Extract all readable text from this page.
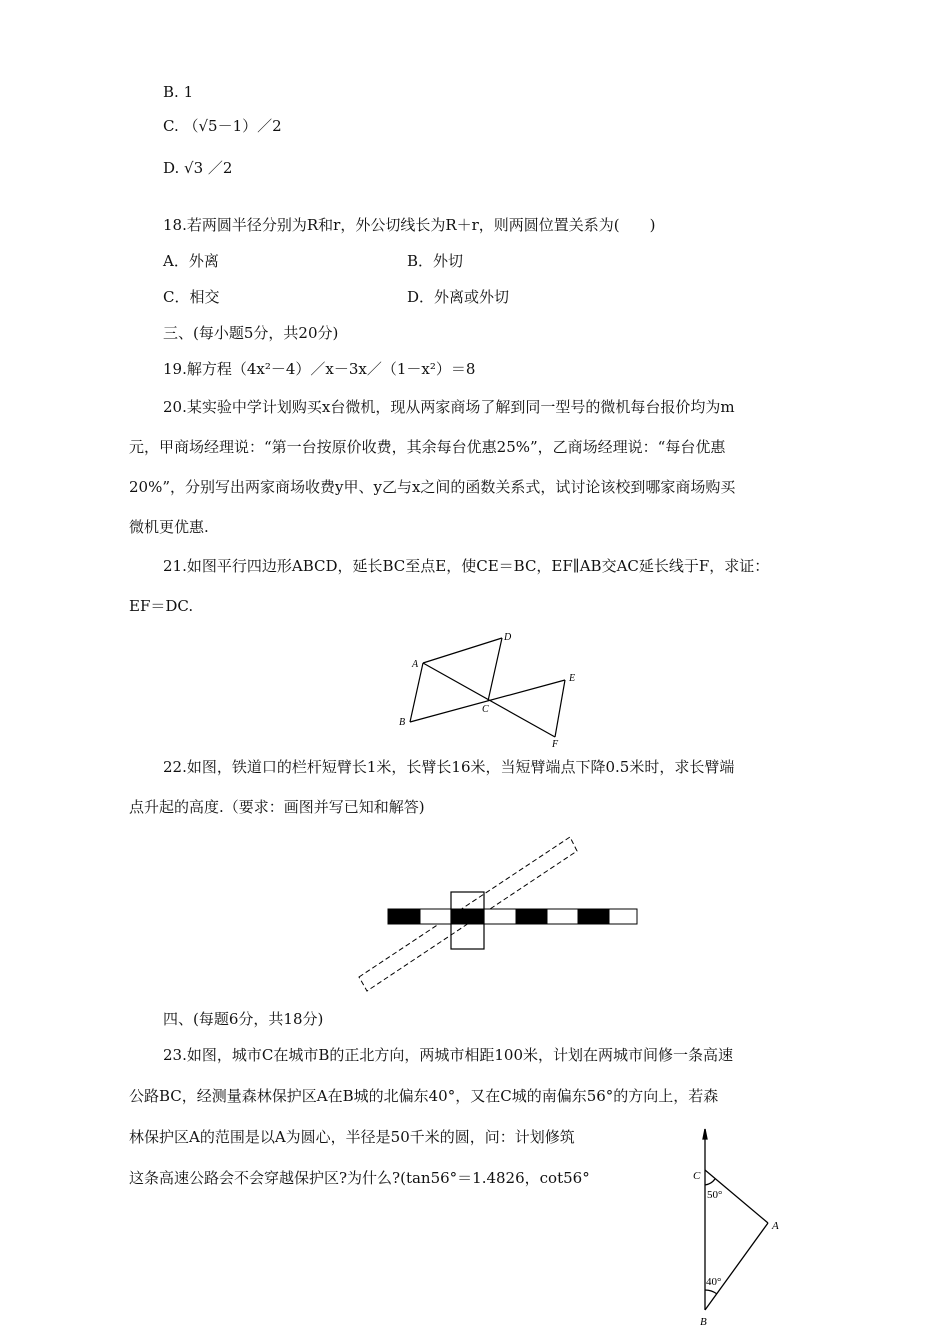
B. 1
C. （√5－1）／2
D. √3 ／2
18.若两圆半径分别为R和r，外公切线长为R＋r，则两圆位置关系为(　　)
A．外离	B．外切
C．相交	D．外离或外切
三、(每小题5分，共20分)
19.解方程（4x²－4）／x－3x／（1－x²）＝8
20.某实验中学计划购买x台微机，现从两家商场了解到同一型号的微机每台报价均为m
元，甲商场经理说：“第一台按原价收费，其余每台优惠25%”，乙商场经理说：“每台优惠
20%”，分别写出两家商场收费y甲、y乙与x之间的函数关系式，试讨论该校到哪家商场购买
微机更优惠.
21.如图平行四边形ABCD，延长BC至点E，使CE＝BC，EF∥AB交AC延长线于F，求证：
EF＝DC.
A
B
C
D
E
F
22.如图，铁道口的栏杆短臂长1米，长臂长16米，当短臂端点下降0.5米时，求长臂端
点升起的高度.（要求：画图并写已知和解答)
四、(每题6分，共18分)
23.如图，城市C在城市B的正北方向，两城市相距100米，计划在两城市间修一条高速
公路BC，经测量森林保护区A在B城的北偏东40°，又在C城的南偏东56°的方向上，若森
林保护区A的范围是以A为圆心，半径是50千米的圆，问：计划修筑
这条高速公路会不会穿越保护区?为什么?(tan56°＝1.4826，cot56°	C
A
B
50°
40°
